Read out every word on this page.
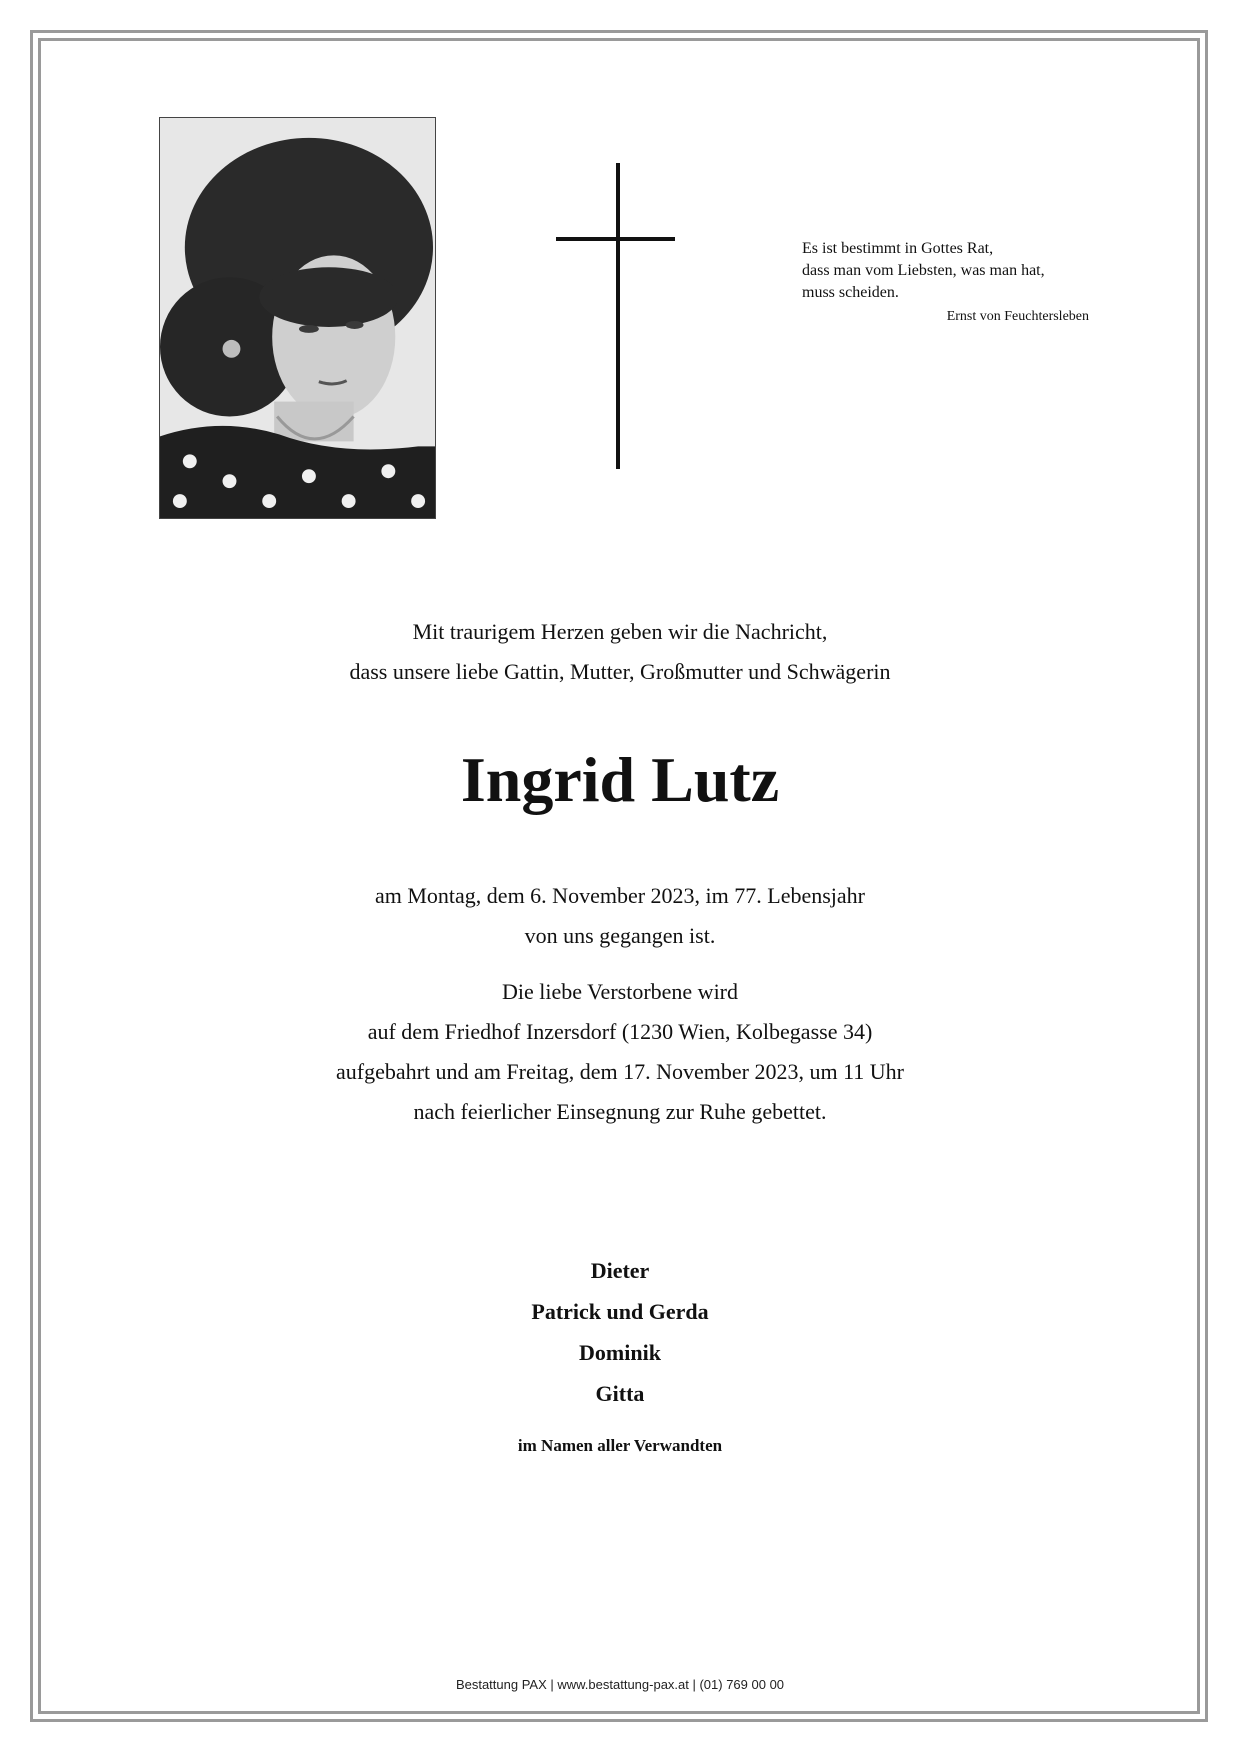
Es ist bestimmt in Gottes Rat,
dass man vom Liebsten, was man hat,
muss scheiden.
Ernst von Feuchtersleben
Mit traurigem Herzen geben wir die Nachricht,
dass unsere liebe Gattin, Mutter, Großmutter und Schwägerin
Ingrid Lutz
am Montag, dem 6. November 2023, im 77. Lebensjahr
von uns gegangen ist.
Die liebe Verstorbene wird
auf dem Friedhof Inzersdorf (1230 Wien, Kolbegasse 34)
aufgebahrt und am Freitag, dem 17. November 2023, um 11 Uhr
nach feierlicher Einsegnung zur Ruhe gebettet.
Dieter
Patrick und Gerda
Dominik
Gitta
im Namen aller Verwandten
Bestattung PAX | www.bestattung-pax.at | (01) 769 00 00
